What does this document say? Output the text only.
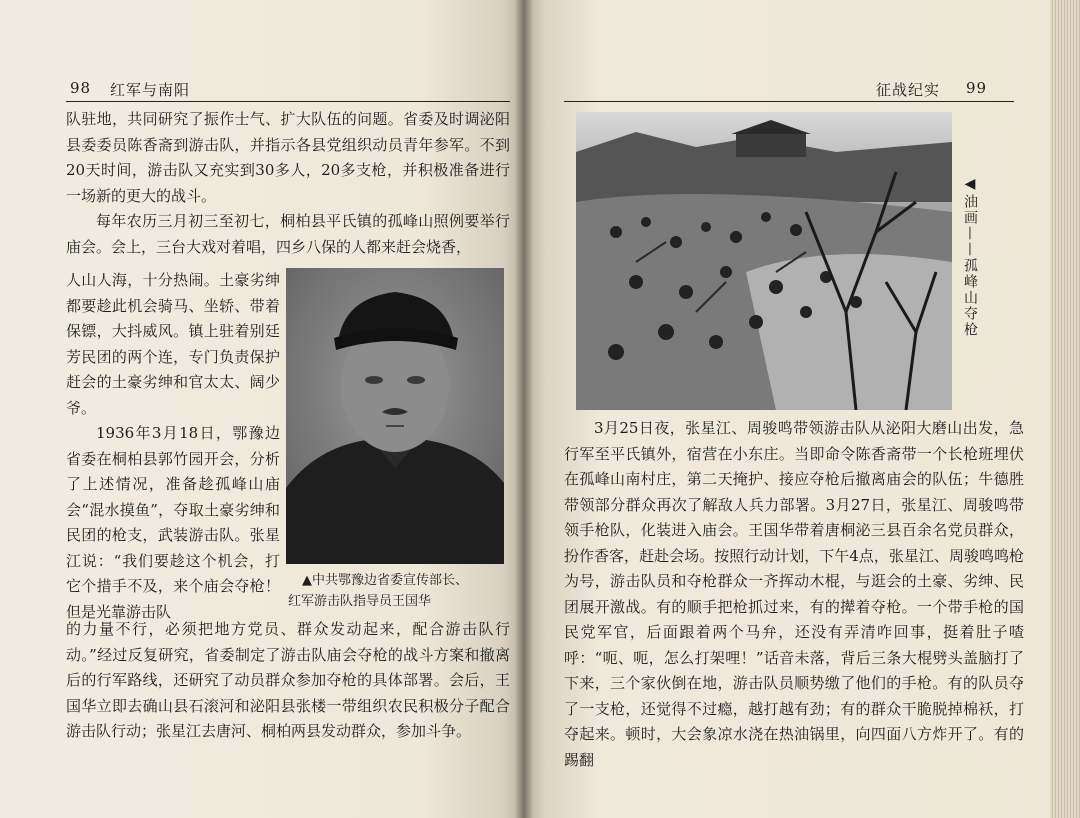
98 红军与南阳

队驻地，共同研究了振作士气、扩大队伍的问题。省委及时调泌阳县委委员陈香斋到游击队，并指示各县党组织动员青年参军。不到20天时间，游击队又充实到30多人，20多支枪，并积极准备进行一场新的更大的战斗。

每年农历三月初三至初七，桐柏县平氏镇的孤峰山照例要举行庙会。会上，三台大戏对着唱，四乡八保的人都来赶会烧香，

人山人海，十分热闹。土豪劣绅都要趁此机会骑马、坐轿、带着保镖，大抖威风。镇上驻着别廷芳民团的两个连，专门负责保护赶会的土豪劣绅和官太太、阔少爷。

1936年3月18日，鄂豫边省委在桐柏县郭竹园开会，分析了上述情况，准备趁孤峰山庙会“混水摸鱼”，夺取土豪劣绅和民团的枪支，武装游击队。张星江说：“我们要趁这个机会，打它个措手不及，来个庙会夺枪！但是光靠游击队

▲中共鄂豫边省委宣传部长、
红军游击队指导员王国华

的力量不行，必须把地方党员、群众发动起来，配合游击队行动。”经过反复研究，省委制定了游击队庙会夺枪的战斗方案和撤离后的行军路线，还研究了动员群众参加夺枪的具体部署。会后，王国华立即去确山县石滚河和泌阳县张楼一带组织农民积极分子配合游击队行动；张星江去唐河、桐柏两县发动群众，参加斗争。

征战纪实 99
◀油画——孤峰山夺枪

3月25日夜，张星江、周骏鸣带领游击队从泌阳大磨山出发，急行军至平氏镇外，宿营在小东庄。当即命令陈香斋带一个长枪班埋伏在孤峰山南村庄，第二天掩护、接应夺枪后撤离庙会的队伍；牛德胜带领部分群众再次了解敌人兵力部署。3月27日，张星江、周骏鸣带领手枪队，化装进入庙会。王国华带着唐桐泌三县百余名党员群众，扮作香客，赶赴会场。按照行动计划，下午4点，张星江、周骏鸣鸣枪为号，游击队员和夺枪群众一齐挥动木棍，与逛会的土豪、劣绅、民团展开激战。有的顺手把枪抓过来，有的撵着夺枪。一个带手枪的国民党军官，后面跟着两个马弁，还没有弄清咋回事，挺着肚子喳呼：“呃、呃，怎么打架哩！”话音未落，背后三条大棍劈头盖脑打了下来，三个家伙倒在地，游击队员顺势缴了他们的手枪。有的队员夺了一支枪，还觉得不过瘾，越打越有劲；有的群众干脆脱掉棉袄，打夺起来。顿时，大会象凉水浇在热油锅里，向四面八方炸开了。有的踢翻
